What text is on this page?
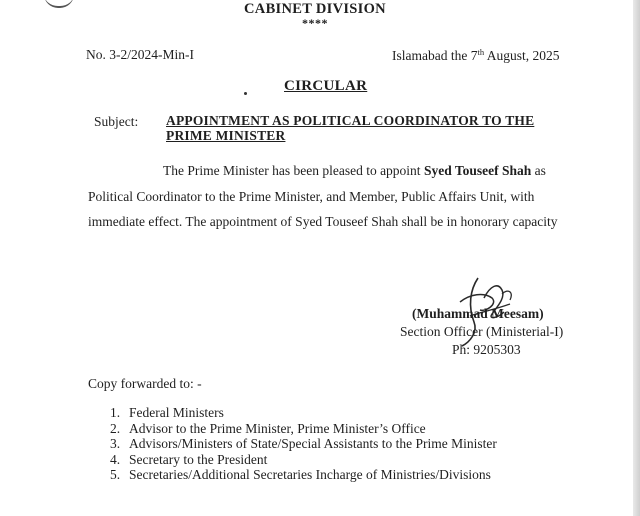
CABINET DIVISION
****
No. 3-2/2024-Min-I	Islamabad the 7th August, 2025
CIRCULAR
Subject: APPOINTMENT AS POLITICAL COORDINATOR TO THE PRIME MINISTER
The Prime Minister has been pleased to appoint Syed Touseef Shah as
Political Coordinator to the Prime Minister, and Member, Public Affairs Unit, with
immediate effect. The appointment of Syed Touseef Shah shall be in honorary capacity
(Muhammad Meesam)
Section Officer (Ministerial-I)
Ph: 9205303
Copy forwarded to: -
1. Federal Ministers
2. Advisor to the Prime Minister, Prime Minister’s Office
3. Advisors/Ministers of State/Special Assistants to the Prime Minister
4. Secretary to the President
5. Secretaries/Additional Secretaries Incharge of Ministries/Divisions
